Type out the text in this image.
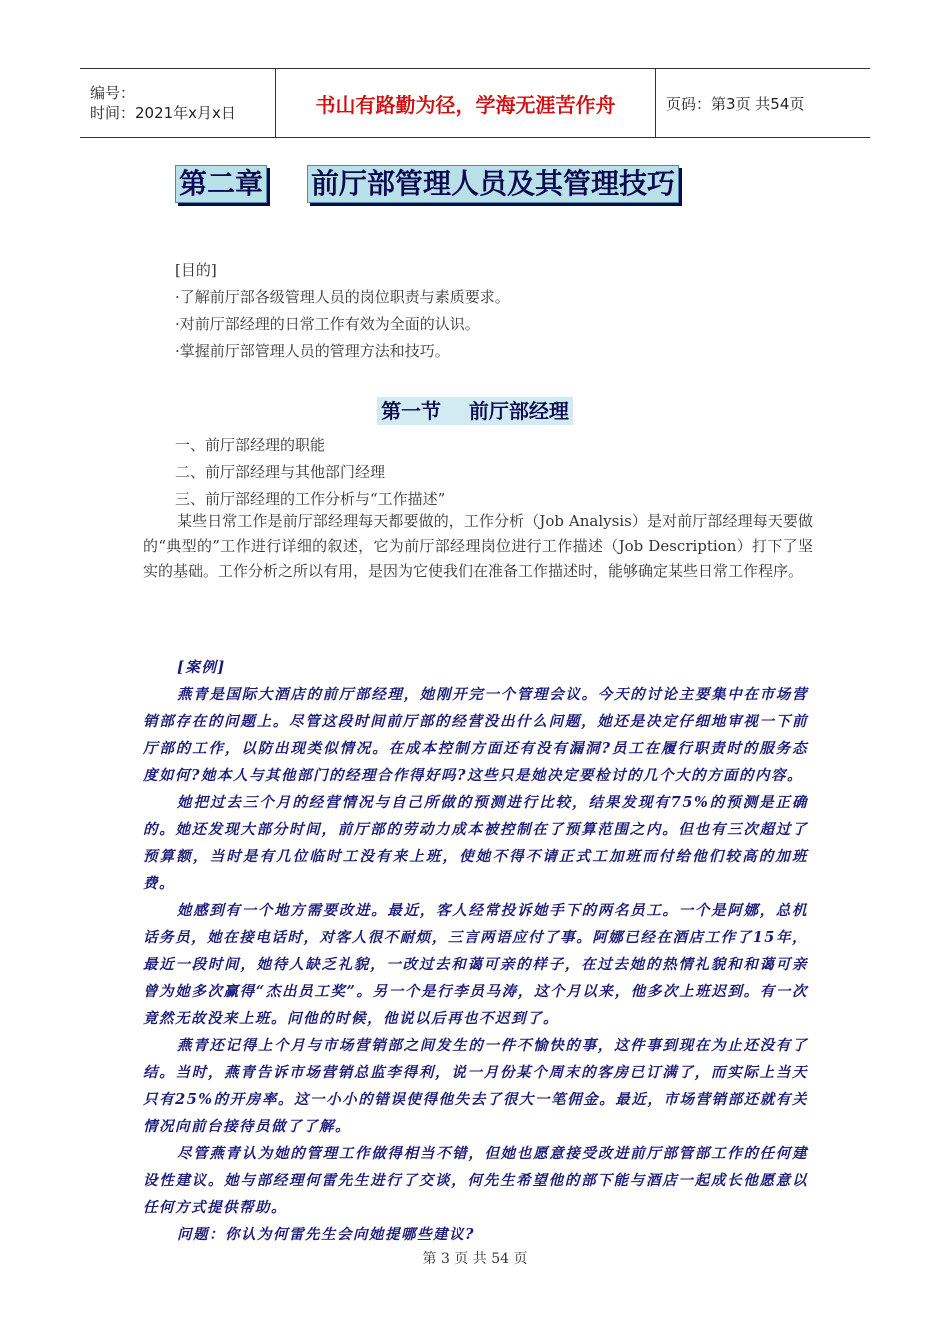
编号：
时间：2021年x月x日	书山有路勤为径，学海无涯苦作舟	页码：第3页 共54页
第二章 前厅部管理人员及其管理技巧
[目的]
·了解前厅部各级管理人员的岗位职责与素质要求。
·对前厅部经理的日常工作有效为全面的认识。
·掌握前厅部管理人员的管理方法和技巧。
第一节    前厅部经理
一、前厅部经理的职能
二、前厅部经理与其他部门经理
三、前厅部经理的工作分析与“工作描述”

某些日常工作是前厅部经理每天都要做的，工作分析（Job Analysis）是对前厅部经理每天要做的“典型的”工作进行详细的叙述，它为前厅部经理岗位进行工作描述（Job Description）打下了坚实的基础。工作分析之所以有用，是因为它使我们在准备工作描述时，能够确定某些日常工作程序。

[案例]

燕青是国际大酒店的前厅部经理，她刚开完一个管理会议。今天的讨论主要集中在市场营销部存在的问题上。尽管这段时间前厅部的经营没出什么问题，她还是决定仔细地审视一下前厅部的工作，以防出现类似情况。在成本控制方面还有没有漏洞?员工在履行职责时的服务态度如何?她本人与其他部门的经理合作得好吗?这些只是她决定要检讨的几个大的方面的内容。

她把过去三个月的经营情况与自己所做的预测进行比较，结果发现有75%的预测是正确的。她还发现大部分时间，前厅部的劳动力成本被控制在了预算范围之内。但也有三次超过了预算额，当时是有几位临时工没有来上班，使她不得不请正式工加班而付给他们较高的加班费。

她感到有一个地方需要改进。最近，客人经常投诉她手下的两名员工。一个是阿娜，总机话务员，她在接电话时，对客人很不耐烦，三言两语应付了事。阿娜已经在酒店工作了15年，最近一段时间，她待人缺乏礼貌，一改过去和蔼可亲的样子，在过去她的热情礼貌和和蔼可亲曾为她多次赢得“杰出员工奖”。另一个是行李员马涛，这个月以来，他多次上班迟到。有一次竟然无故没来上班。问他的时候，他说以后再也不迟到了。

燕青还记得上个月与市场营销部之间发生的一件不愉快的事，这件事到现在为止还没有了结。当时，燕青告诉市场营销总监李得利，说一月份某个周末的客房已订满了，而实际上当天只有25%的开房率。这一小小的错误使得他失去了很大一笔佣金。最近，市场营销部还就有关情况向前台接待员做了了解。

尽管燕青认为她的管理工作做得相当不错，但她也愿意接受改进前厅部管部工作的任何建设性建议。她与部经理何雷先生进行了交谈，何先生希望他的部下能与酒店一起成长他愿意以任何方式提供帮助。

问题：你认为何雷先生会向她提哪些建议?

第 3 页 共 54 页
